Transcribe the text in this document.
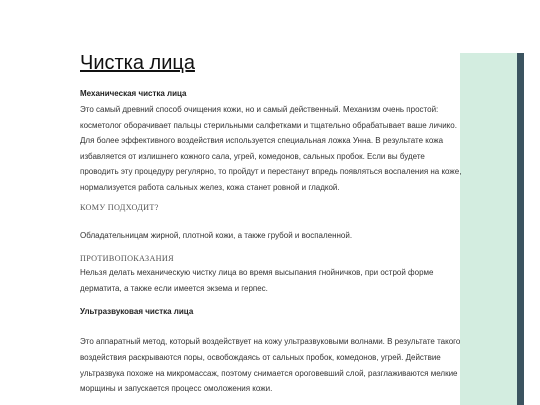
Чистка лица
Механическая чистка лица

Это самый древний способ очищения кожи, но и самый действенный. Механизм очень простой: косметолог оборачивает пальцы стерильными салфетками и тщательно обрабатывает ваше личико. Для более эффективного воздействия используется специальная ложка Унна. В результате кожа избавляется от излишнего кожного сала, угрей, комедонов, сальных пробок. Если вы будете проводить эту процедуру регулярно, то пройдут и перестанут впредь появляться воспаления на коже, нормализуется работа сальных желез, кожа станет ровной и гладкой.

КОМУ ПОДХОДИТ?

Обладательницам жирной, плотной кожи, а также грубой и воспаленной.

ПРОТИВОПОКАЗАНИЯ

Нельзя делать механическую чистку лица во время высыпания гнойничков, при острой форме дерматита, а также если имеется экзема и герпес.

Ультразвуковая чистка лица

Это аппаратный метод, который воздействует на кожу ультразвуковыми волнами. В результате такого воздействия раскрываются поры, освобождаясь от сальных пробок, комедонов, угрей. Действие ультразвука похоже на микромассаж, поэтому снимается ороговевший слой, разглаживаются мелкие морщины и запускается процесс омоложения кожи.
